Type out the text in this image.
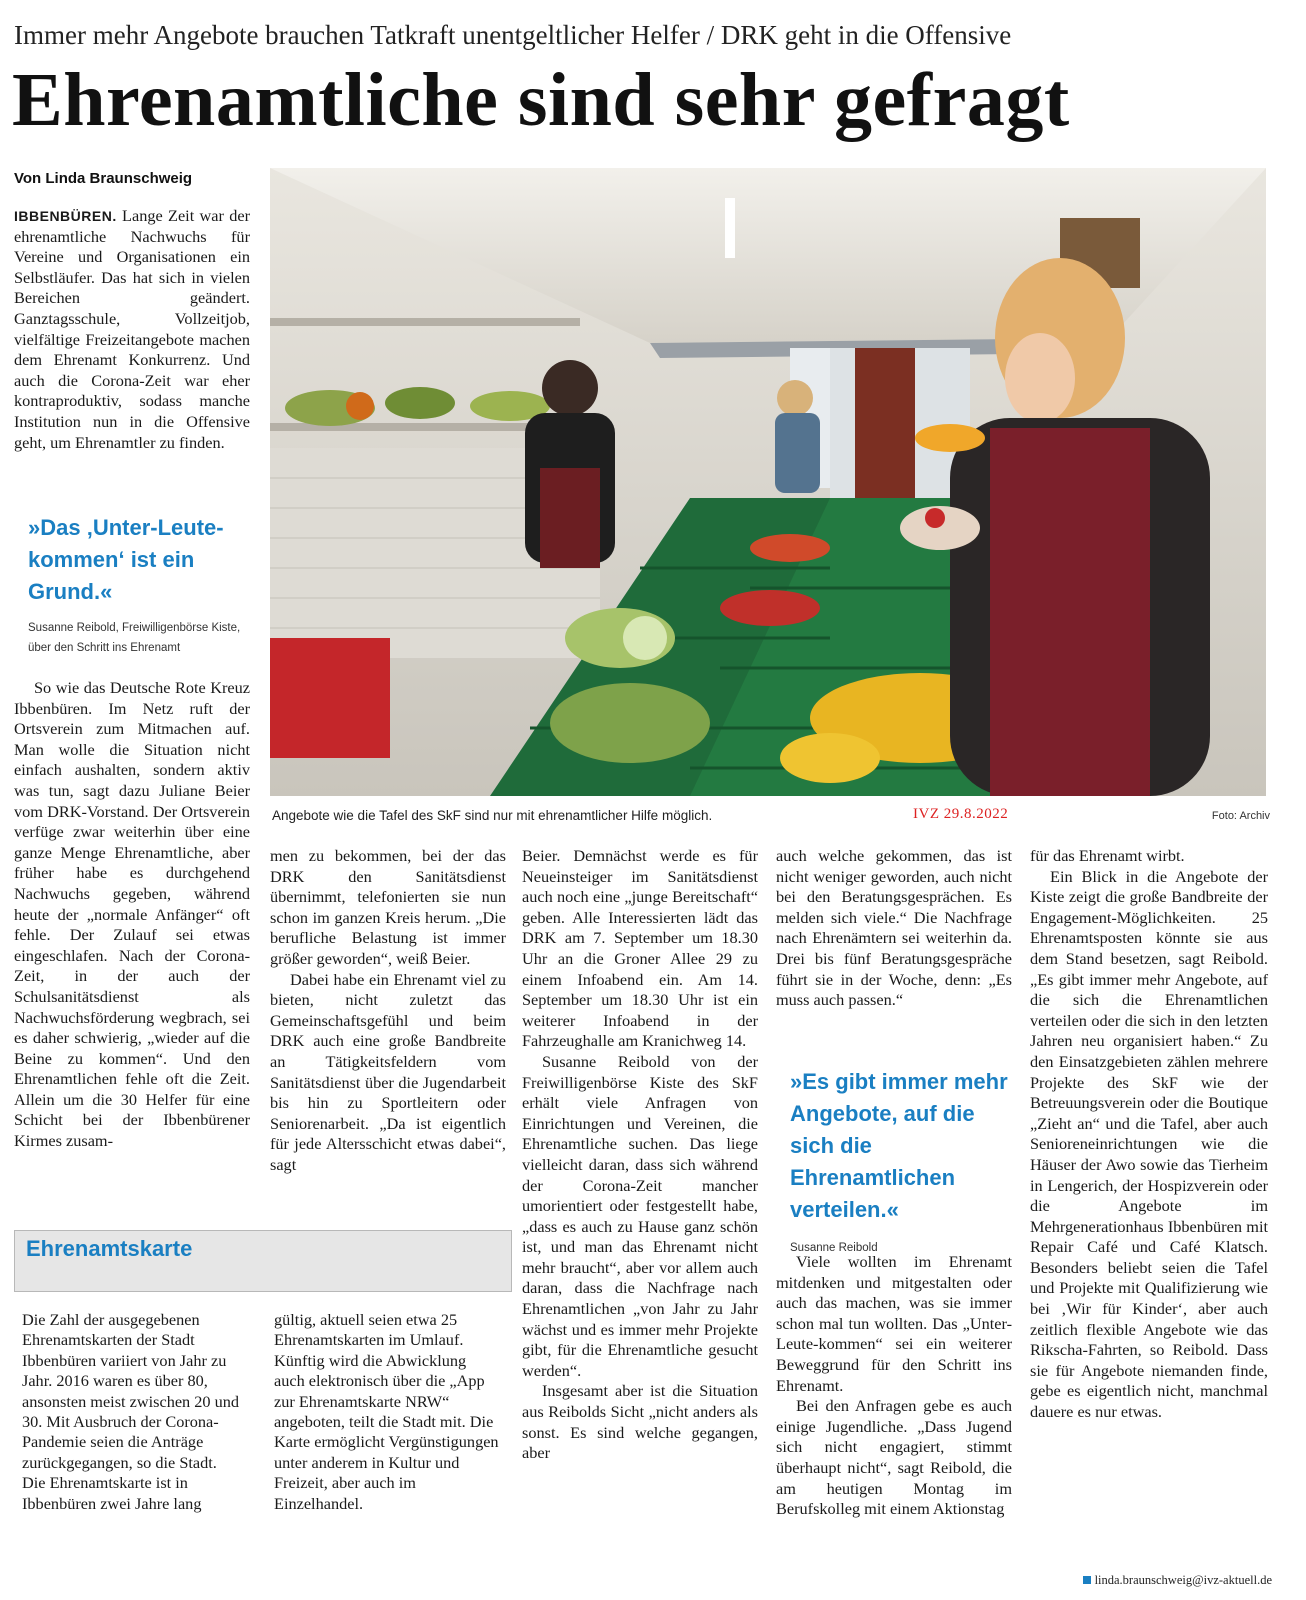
Immer mehr Angebote brauchen Tatkraft unentgeltlicher Helfer / DRK geht in die Offensive
Ehrenamtliche sind sehr gefragt
Von Linda Braunschweig

IBBENBÜREN. Lange Zeit war der ehrenamtliche Nachwuchs für Vereine und Organisationen ein Selbstläufer. Das hat sich in vielen Bereichen geändert. Ganztagsschule, Vollzeitjob, vielfältige Freizeitangebote machen dem Ehrenamt Konkurrenz. Und auch die Corona-Zeit war eher kontraproduktiv, sodass manche Institution nun in die Offensive geht, um Ehrenamtler zu finden.

»Das ‚Unter-Leute-kommen‘ ist ein Grund.«
Susanne Reibold, Freiwilligenbörse Kiste,
über den Schritt ins Ehrenamt

So wie das Deutsche Rote Kreuz Ibbenbüren. Im Netz ruft der Ortsverein zum Mitmachen auf. Man wolle die Situation nicht einfach aushalten, sondern aktiv was tun, sagt dazu Juliane Beier vom DRK-Vorstand. Der Ortsverein verfüge zwar weiterhin über eine ganze Menge Ehrenamtliche, aber früher habe es durchgehend Nachwuchs gegeben, während heute der „normale Anfänger“ oft fehle. Der Zulauf sei etwas eingeschlafen. Nach der Corona-Zeit, in der auch der Schulsanitätsdienst als Nachwuchsförderung wegbrach, sei es daher schwierig, „wieder auf die Beine zu kommen“. Und den Ehrenamtlichen fehle oft die Zeit. Allein um die 30 Helfer für eine Schicht bei der Ibbenbürener Kirmes zusam-

Angebote wie die Tafel des SkF sind nur mit ehrenamtlicher Hilfe möglich.	IVZ 29.8.2022	Foto: Archiv

men zu bekommen, bei der das DRK den Sanitätsdienst übernimmt, telefonierten sie nun schon im ganzen Kreis herum. „Die berufliche Belastung ist immer größer geworden“, weiß Beier.

Dabei habe ein Ehrenamt viel zu bieten, nicht zuletzt das Gemeinschaftsgefühl und beim DRK auch eine große Bandbreite an Tätigkeitsfeldern vom Sanitätsdienst über die Jugendarbeit bis hin zu Sportleitern oder Seniorenarbeit. „Da ist eigentlich für jede Altersschicht etwas dabei“, sagt

Beier. Demnächst werde es für Neueinsteiger im Sanitätsdienst auch noch eine „junge Bereitschaft“ geben. Alle Interessierten lädt das DRK am 7. September um 18.30 Uhr an die Groner Allee 29 zu einem Infoabend ein. Am 14. September um 18.30 Uhr ist ein weiterer Infoabend in der Fahrzeughalle am Kranichweg 14.

Susanne Reibold von der Freiwilligenbörse Kiste des SkF erhält viele Anfragen von Einrichtungen und Vereinen, die Ehrenamtliche suchen. Das liege vielleicht daran, dass sich während der Corona-Zeit mancher umorientiert oder festgestellt habe, „dass es auch zu Hause ganz schön ist, und man das Ehrenamt nicht mehr braucht“, aber vor allem auch daran, dass die Nachfrage nach Ehrenamtlichen „von Jahr zu Jahr wächst und es immer mehr Projekte gibt, für die Ehrenamtliche gesucht werden“.

Insgesamt aber ist die Situation aus Reibolds Sicht „nicht anders als sonst. Es sind welche gegangen, aber

auch welche gekommen, das ist nicht weniger geworden, auch nicht bei den Beratungsgesprächen. Es melden sich viele.“ Die Nachfrage nach Ehrenämtern sei weiterhin da. Drei bis fünf Beratungsgespräche führt sie in der Woche, denn: „Es muss auch passen.“

»Es gibt immer mehr Angebote, auf die sich die Ehrenamtlichen verteilen.«
Susanne Reibold

Viele wollten im Ehrenamt mitdenken und mitgestalten oder auch das machen, was sie immer schon mal tun wollten. Das „Unter-Leute-kommen“ sei ein weiterer Beweggrund für den Schritt ins Ehrenamt.

Bei den Anfragen gebe es auch einige Jugendliche. „Dass Jugend sich nicht engagiert, stimmt überhaupt nicht“, sagt Reibold, die am heutigen Montag im Berufskolleg mit einem Aktionstag

für das Ehrenamt wirbt.

Ein Blick in die Angebote der Kiste zeigt die große Bandbreite der Engagement-Möglichkeiten. 25 Ehrenamtsposten könnte sie aus dem Stand besetzen, sagt Reibold. „Es gibt immer mehr Angebote, auf die sich die Ehrenamtlichen verteilen oder die sich in den letzten Jahren neu organisiert haben.“ Zu den Einsatzgebieten zählen mehrere Projekte des SkF wie der Betreuungsverein oder die Boutique „Zieht an“ und die Tafel, aber auch Senioreneinrichtungen wie die Häuser der Awo sowie das Tierheim in Lengerich, der Hospizverein oder die Angebote im Mehrgenerationhaus Ibbenbüren mit Repair Café und Café Klatsch. Besonders beliebt seien die Tafel und Projekte mit Qualifizierung wie bei ‚Wir für Kinder‘, aber auch zeitlich flexible Angebote wie das Rikscha-Fahrten, so Reibold. Dass sie für Angebote niemanden finde, gebe es eigentlich nicht, manchmal dauere es nur etwas.

linda.braunschweig@ivz-aktuell.de
Ehrenamtskarte
Die Zahl der ausgegebenen Ehrenamtskarten der Stadt Ibbenbüren variiert von Jahr zu Jahr. 2016 waren es über 80, ansonsten meist zwischen 20 und 30. Mit Ausbruch der Corona-Pandemie seien die Anträge zurückgegangen, so die Stadt. Die Ehrenamtskarte ist in Ibbenbüren zwei Jahre lang
gültig, aktuell seien etwa 25 Ehrenamtskarten im Umlauf. Künftig wird die Abwicklung auch elektronisch über die „App zur Ehrenamtskarte NRW“ angeboten, teilt die Stadt mit. Die Karte ermöglicht Vergünstigungen unter anderem in Kultur und Freizeit, aber auch im Einzelhandel.
